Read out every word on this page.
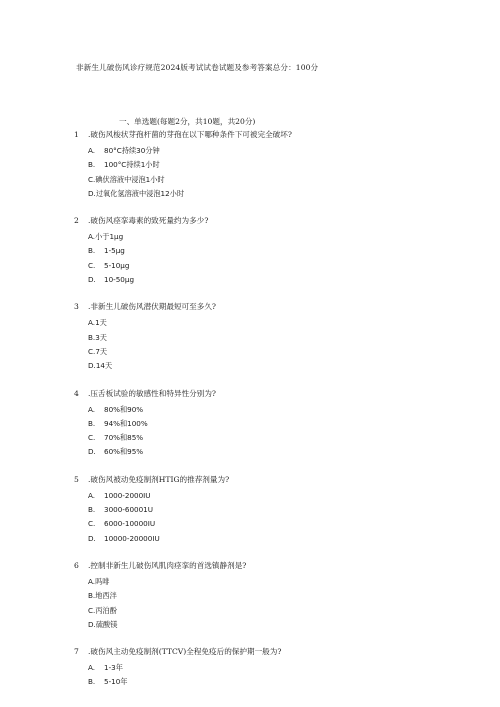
非新生儿破伤风诊疗规范2024版考试试卷试题及参考答案总分：100分
一、单选题(每题2分，共10题，共20分)
1	.破伤风梭状芽孢杆菌的芽孢在以下哪种条件下可被完全破坏?
A. 80°C持续30分钟
B. 100°C持续1小时
C.碘伏溶液中浸泡1小时
D.过氧化氢溶液中浸泡12小时
2	.破伤风痉挛毒素的致死量约为多少?
A.小于1μg
B. 1-5μg
C. 5-10μg
D. 10-50μg
3	.非新生儿破伤风潜伏期最短可至多久?
A.1天
B.3天
C.7天
D.14天
4	.压舌板试验的敏感性和特异性分别为?
A. 80%和90%
B. 94%和100%
C. 70%和85%
D. 60%和95%
5	.破伤风被动免疫制剂HTIG的推荐剂量为?
A. 1000-2000IU
B. 3000-60001U
C. 6000-10000IU
D. 10000-20000IU
6	.控制非新生儿破伤风肌肉痉挛的首选镇静剂是?
A.吗啡
B.地西泮
C.丙泊酚
D.硫酸镁
7	.破伤风主动免疫制剂(TTCV)全程免疫后的保护期一般为?
A. 1-3年
B. 5-10年
